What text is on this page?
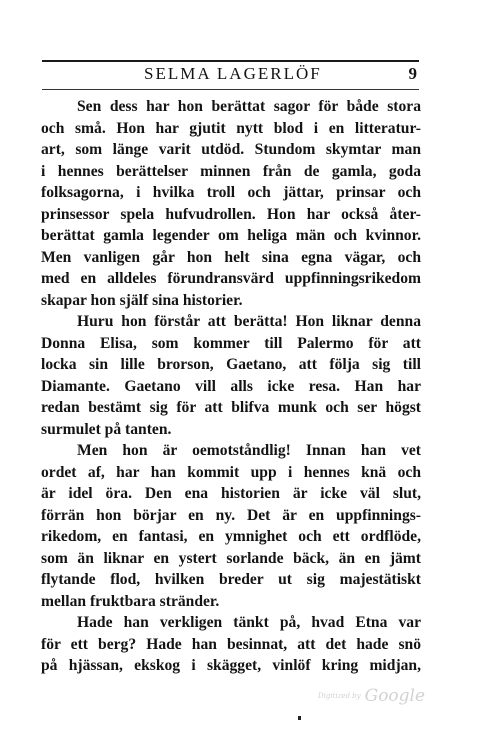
SELMA LAGERLÖF	9
Sen dess har hon berättat sagor för både stora
och små. Hon har gjutit nytt blod i en litteratur-
art, som länge varit utdöd. Stundom skymtar man
i hennes berättelser minnen från de gamla, goda
folksagorna, i hvilka troll och jättar, prinsar och
prinsessor spela hufvudrollen. Hon har också åter-
berättat gamla legender om heliga män och kvinnor.
Men vanligen går hon helt sina egna vägar, och
med en alldeles förundransvärd uppfinningsrikedom
skapar hon själf sina historier.
Huru hon förstår att berätta! Hon liknar denna
Donna Elisa, som kommer till Palermo för att
locka sin lille brorson, Gaetano, att följa sig till
Diamante. Gaetano vill alls icke resa. Han har
redan bestämt sig för att blifva munk och ser högst
surmulet på tanten.
Men hon är oemotståndlig! Innan han vet
ordet af, har han kommit upp i hennes knä och
är idel öra. Den ena historien är icke väl slut,
förrän hon börjar en ny. Det är en uppfinnings-
rikedom, en fantasi, en ymnighet och ett ordflöde,
som än liknar en ystert sorlande bäck, än en jämt
flytande flod, hvilken breder ut sig majestätiskt
mellan fruktbara stränder.
Hade han verkligen tänkt på, hvad Etna var
för ett berg? Hade han besinnat, att det hade snö
på hjässan, ekskog i skägget, vinlöf kring midjan,
Digitized by Google
